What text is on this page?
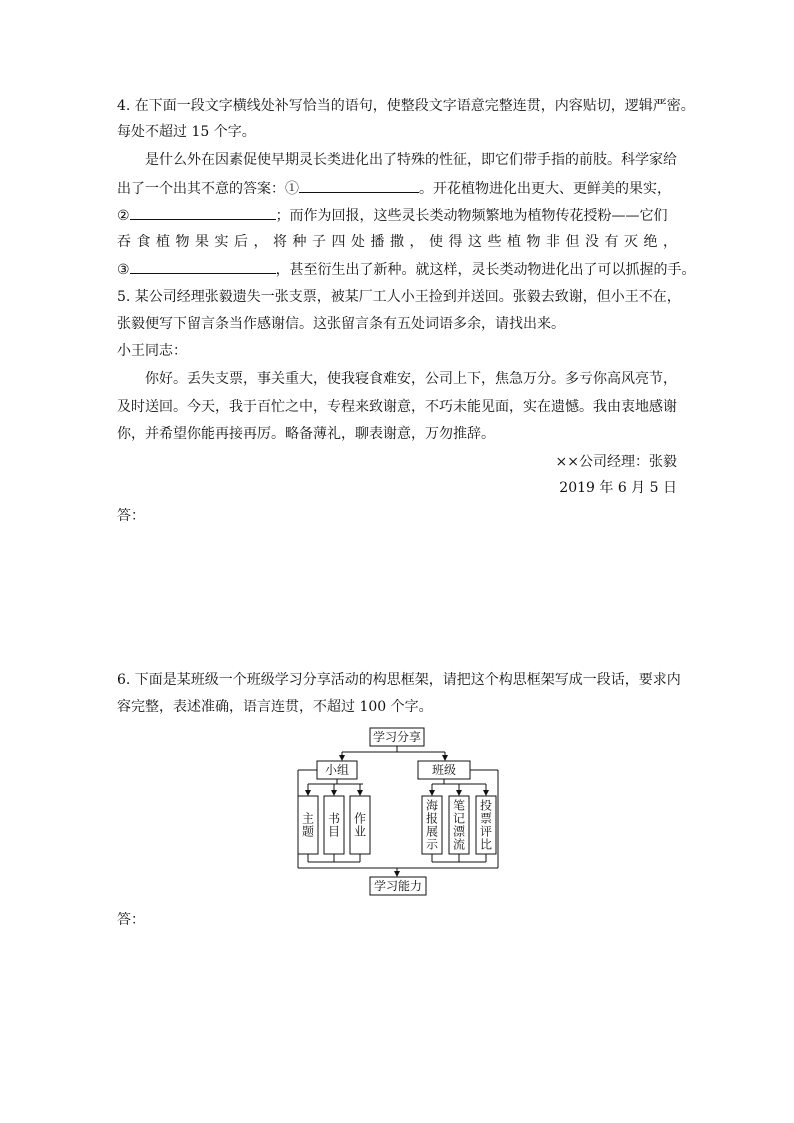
4. 在下面一段文字横线处补写恰当的语句，使整段文字语意完整连贯，内容贴切，逻辑严密。
每处不超过 15 个字。
是什么外在因素促使早期灵长类进化出了特殊的性征，即它们带手指的前肢。科学家给
出了一个出其不意的答案：①	。开花植物进化出更大、更鲜美的果实，
②	；而作为回报，这些灵长类动物频繁地为植物传花授粉——它们
吞食植物果实后，将种子四处播撒，使得这些植物非但没有灭绝，
③	，甚至衍生出了新种。就这样，灵长类动物进化出了可以抓握的手。
5. 某公司经理张毅遗失一张支票，被某厂工人小王捡到并送回。张毅去致谢，但小王不在，
张毅便写下留言条当作感谢信。这张留言条有五处词语多余，请找出来。
小王同志：
你好。丢失支票，事关重大，使我寝食难安，公司上下，焦急万分。多亏你高风亮节，
及时送回。今天，我于百忙之中，专程来致谢意，不巧未能见面，实在遗憾。我由衷地感谢
你，并希望你能再接再厉。略备薄礼，聊表谢意，万勿推辞。
××公司经理：张毅
2019 年 6 月 5 日
答：
6. 下面是某班级一个班级学习分享活动的构思框架，请把这个构思框架写成一段话，要求内
容完整，表述准确，语言连贯，不超过 100 个字。
学习分享
小组	班级
学习能力
主
题
书
目
作
业
海
报
展
示
笔
记
漂
流
投
票
评
比
答：
